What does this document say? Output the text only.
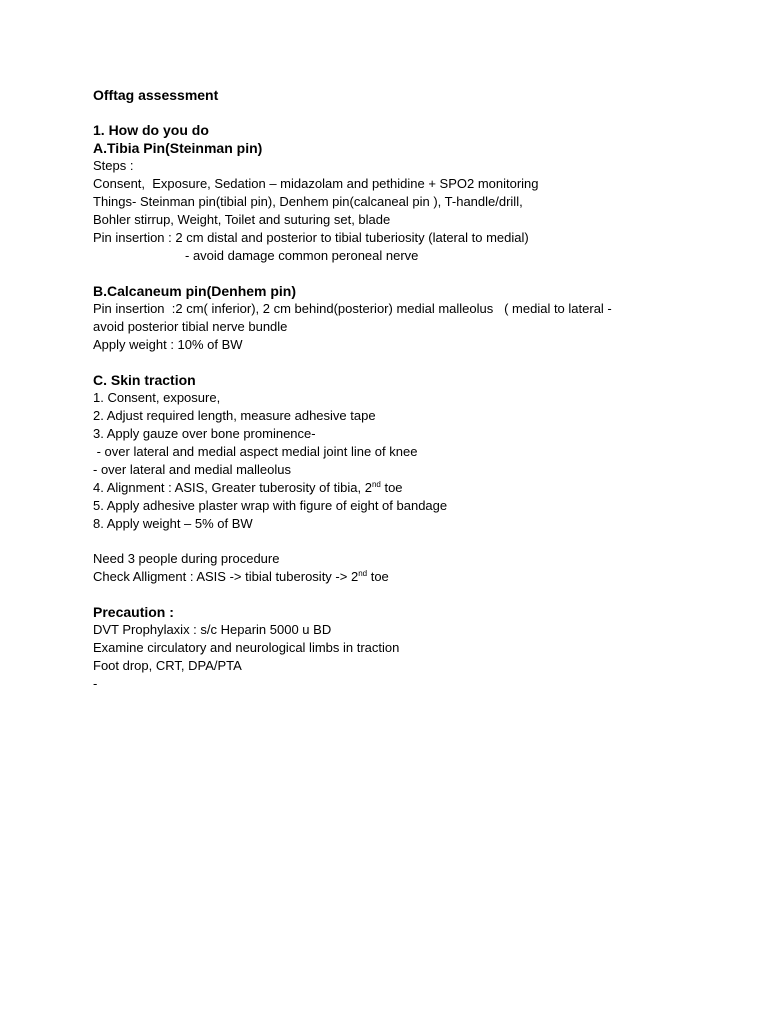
Offtag assessment
1. How do you do
A.Tibia Pin(Steinman pin)
Steps :
Consent,  Exposure, Sedation – midazolam and pethidine + SPO2 monitoring
Things- Steinman pin(tibial pin), Denhem pin(calcaneal pin ), T-handle/drill,
Bohler stirrup, Weight, Toilet and suturing set, blade
Pin insertion : 2 cm distal and posterior to tibial tuberiosity (lateral to medial)
- avoid damage common peroneal nerve
B.Calcaneum pin(Denhem pin)
Pin insertion  :2 cm( inferior), 2 cm behind(posterior) medial malleolus   ( medial to lateral -
avoid posterior tibial nerve bundle
Apply weight : 10% of BW
C. Skin traction
1. Consent, exposure,
2. Adjust required length, measure adhesive tape
3. Apply gauze over bone prominence-
- over lateral and medial aspect medial joint line of knee
- over lateral and medial malleolus
4. Alignment : ASIS, Greater tuberosity of tibia, 2nd toe
5. Apply adhesive plaster wrap with figure of eight of bandage
8. Apply weight – 5% of BW
Need 3 people during procedure
Check Alligment : ASIS -> tibial tuberosity -> 2nd toe
Precaution :
DVT Prophylaxix : s/c Heparin 5000 u BD
Examine circulatory and neurological limbs in traction
Foot drop, CRT, DPA/PTA
-
